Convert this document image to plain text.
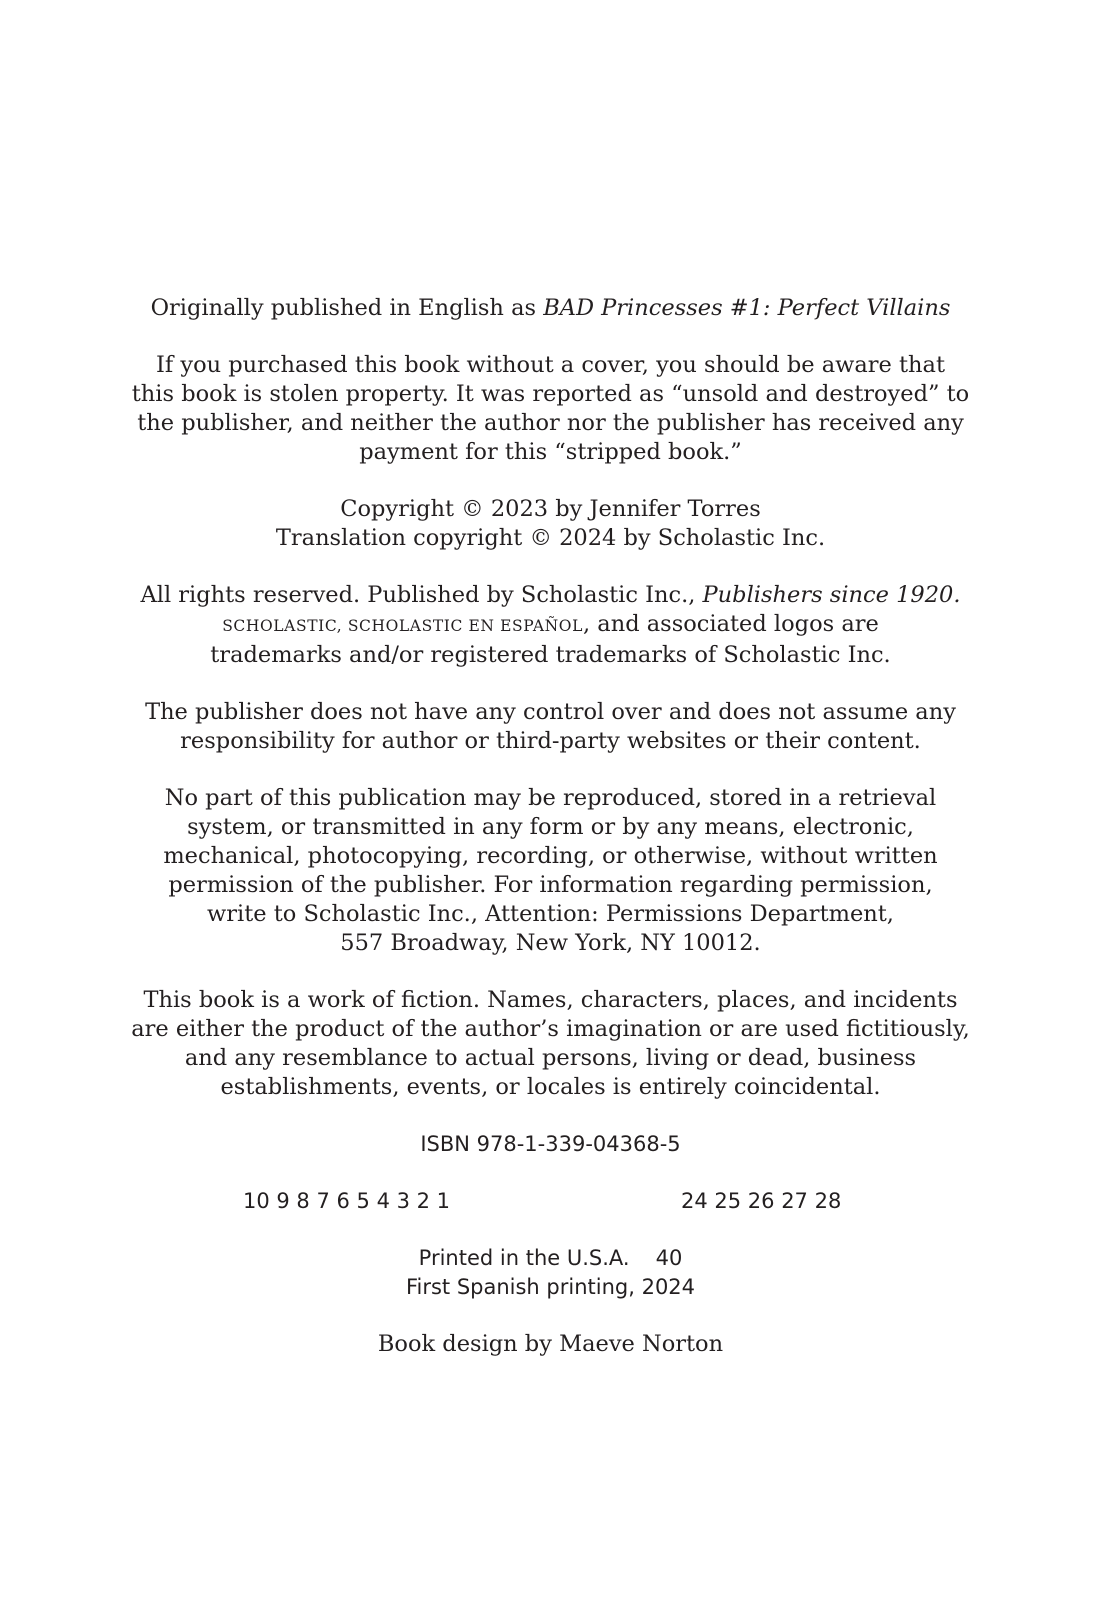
Originally published in English as BAD Princesses #1: Perfect Villains

If you purchased this book without a cover, you should be aware that
this book is stolen property. It was reported as “unsold and destroyed” to
the publisher, and neither the author nor the publisher has received any
payment for this “stripped book.”

Copyright © 2023 by Jennifer Torres
Translation copyright © 2024 by Scholastic Inc.

All rights reserved. Published by Scholastic Inc., Publishers since 1920.
SCHOLASTIC, SCHOLASTIC EN ESPAÑOL, and associated logos are
trademarks and/or registered trademarks of Scholastic Inc.

The publisher does not have any control over and does not assume any
responsibility for author or third-party websites or their content.

No part of this publication may be reproduced, stored in a retrieval
system, or transmitted in any form or by any means, electronic,
mechanical, photocopying, recording, or otherwise, without written
permission of the publisher. For information regarding permission,
write to Scholastic Inc., Attention: Permissions Department,
557 Broadway, New York, NY 10012.

This book is a work of fiction. Names, characters, places, and incidents
are either the product of the author’s imagination or are used fictitiously,
and any resemblance to actual persons, living or dead, business
establishments, events, or locales is entirely coincidental.

ISBN 978-1-339-04368-5

10 9 8 7 6 5 4 3 2 1	24 25 26 27 28

Printed in the U.S.A. 40
First Spanish printing, 2024

Book design by Maeve Norton
